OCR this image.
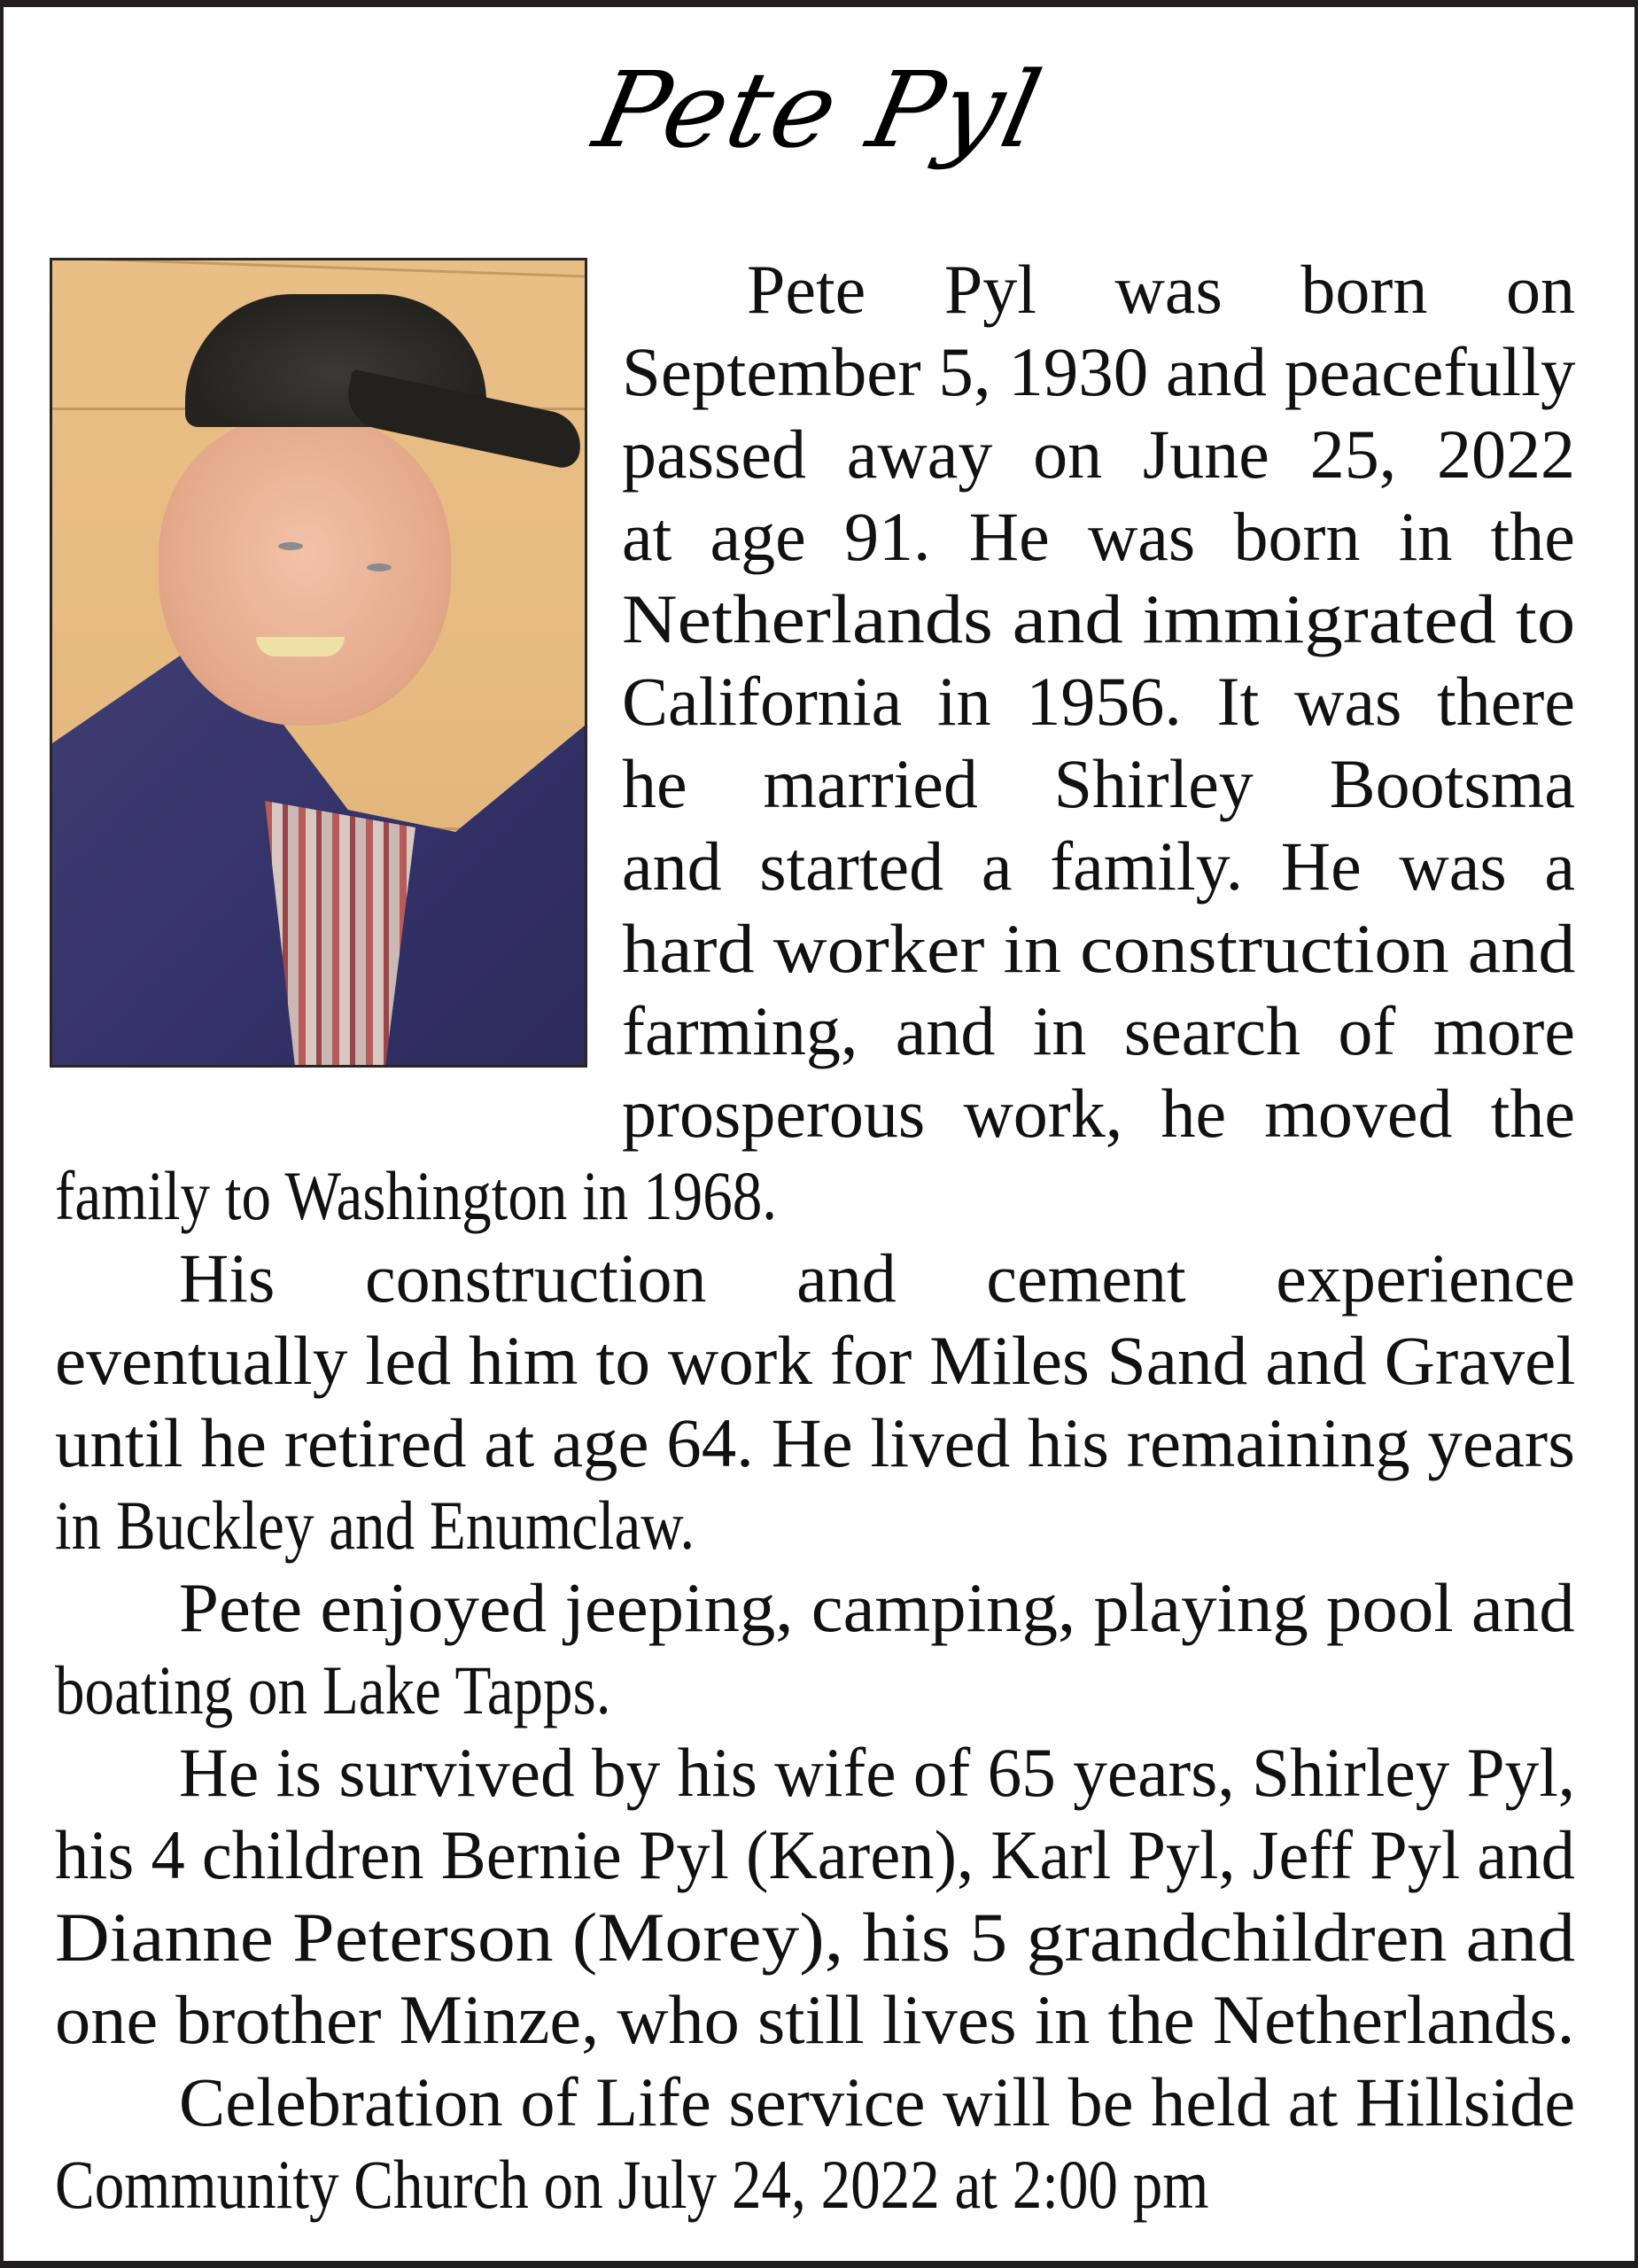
Pete Pyl
Pete Pyl was born on
September 5, 1930 and peacefully
passed away on June 25, 2022
at age 91. He was born in the
Netherlands and immigrated to
California in 1956. It was there
he married Shirley Bootsma
and started a family. He was a
hard worker in construction and
farming, and in search of more
prosperous work, he moved the
family to Washington in 1968.
His construction and cement experience
eventually led him to work for Miles Sand and Gravel
until he retired at age 64. He lived his remaining years
in Buckley and Enumclaw.
Pete enjoyed jeeping, camping, playing pool and
boating on Lake Tapps.
He is survived by his wife of 65 years, Shirley Pyl,
his 4 children Bernie Pyl (Karen), Karl Pyl, Jeff Pyl and
Dianne Peterson (Morey), his 5 grandchildren and
one brother Minze, who still lives in the Netherlands.
Celebration of Life service will be held at Hillside
Community Church on July 24, 2022 at 2:00 pm
